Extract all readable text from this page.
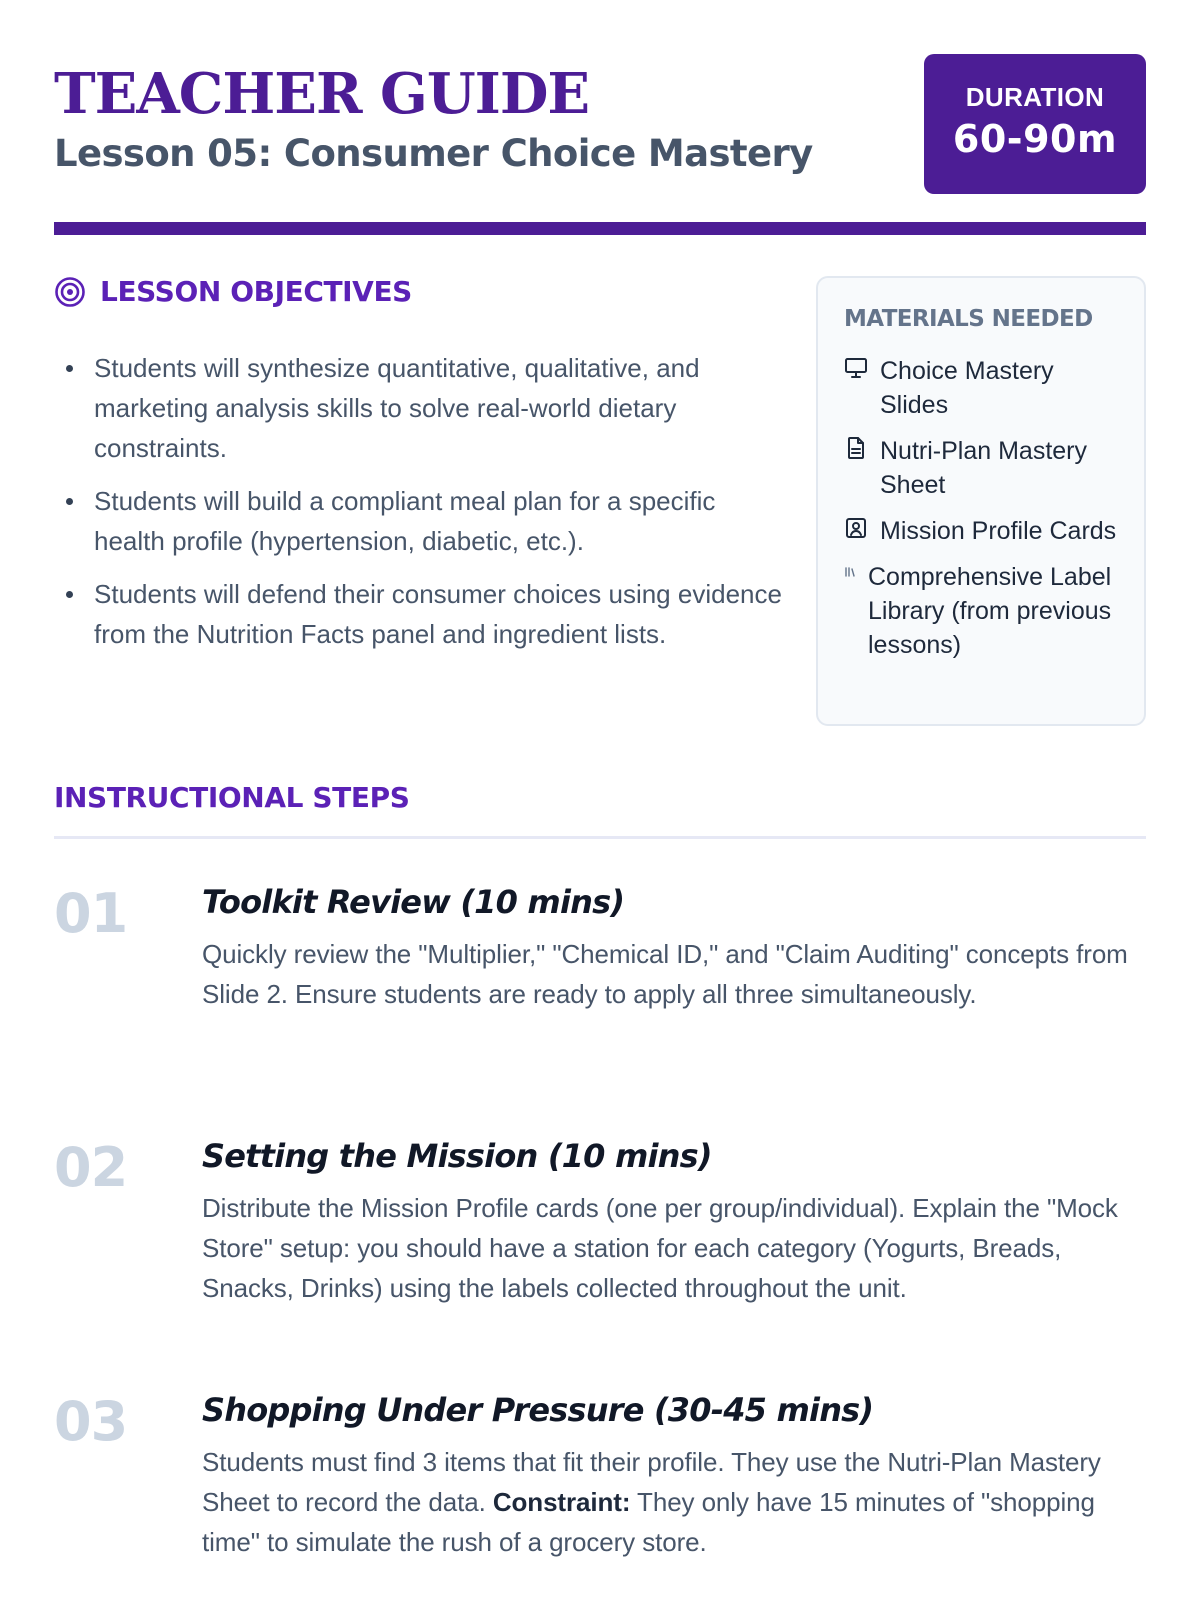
TEACHER GUIDE
Lesson 05: Consumer Choice Mastery
DURATION
60-90m
LESSON OBJECTIVES
Students will synthesize quantitative, qualitative, and marketing analysis skills to solve real-world dietary constraints.
Students will build a compliant meal plan for a specific health profile (hypertension, diabetic, etc.).
Students will defend their consumer choices using evidence from the Nutrition Facts panel and ingredient lists.
MATERIALS NEEDED
Choice Mastery Slides
Nutri-Plan Mastery Sheet
Mission Profile Cards
Comprehensive Label Library (from previous lessons)
INSTRUCTIONAL STEPS
01 Toolkit Review (10 mins)

Quickly review the "Multiplier," "Chemical ID," and "Claim Auditing" concepts from Slide 2. Ensure students are ready to apply all three simultaneously.

02 Setting the Mission (10 mins)

Distribute the Mission Profile cards (one per group/individual). Explain the "Mock Store" setup: you should have a station for each category (Yogurts, Breads, Snacks, Drinks) using the labels collected throughout the unit.

03 Shopping Under Pressure (30-45 mins)

Students must find 3 items that fit their profile. They use the Nutri-Plan Mastery Sheet to record the data. Constraint: They only have 15 minutes of "shopping time" to simulate the rush of a grocery store.
